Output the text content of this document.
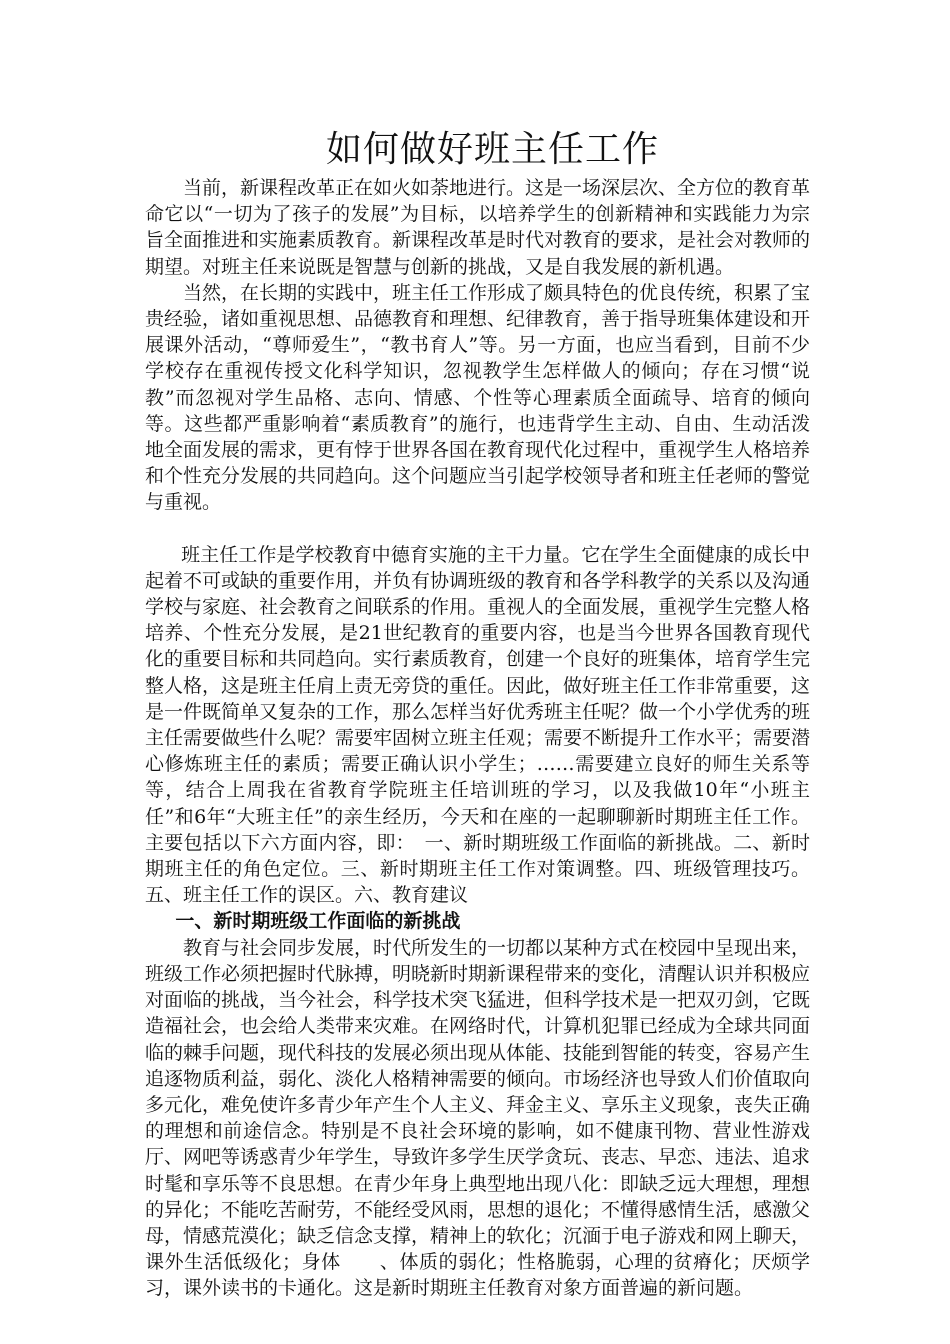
如何做好班主任工作

当前，新课程改革正在如火如荼地进行。这是一场深层次、全方位的教育革命它以“一切为了孩子的发展”为目标，以培养学生的创新精神和实践能力为宗旨全面推进和实施素质教育。新课程改革是时代对教育的要求，是社会对教师的期望。对班主任来说既是智慧与创新的挑战，又是自我发展的新机遇。

当然，在长期的实践中，班主任工作形成了颇具特色的优良传统，积累了宝贵经验，诸如重视思想、品德教育和理想、纪律教育，善于指导班集体建设和开展课外活动，“尊师爱生”，“教书育人”等。另一方面，也应当看到，目前不少学校存在重视传授文化科学知识，忽视教学生怎样做人的倾向；存在习惯“说教”而忽视对学生品格、志向、情感、个性等心理素质全面疏导、培育的倾向等。这些都严重影响着“素质教育”的施行，也违背学生主动、自由、生动活泼地全面发展的需求，更有悖于世界各国在教育现代化过程中，重视学生人格培养和个性充分发展的共同趋向。这个问题应当引起学校领导者和班主任老师的警觉与重视。

班主任工作是学校教育中德育实施的主干力量。它在学生全面健康的成长中起着不可或缺的重要作用，并负有协调班级的教育和各学科教学的关系以及沟通学校与家庭、社会教育之间联系的作用。重视人的全面发展，重视学生完整人格培养、个性充分发展，是21世纪教育的重要内容，也是当今世界各国教育现代化的重要目标和共同趋向。实行素质教育，创建一个良好的班集体，培育学生完整人格，这是班主任肩上责无旁贷的重任。因此，做好班主任工作非常重要，这是一件既简单又复杂的工作，那么怎样当好优秀班主任呢？做一个小学优秀的班主任需要做些什么呢？需要牢固树立班主任观；需要不断提升工作水平；需要潜心修炼班主任的素质；需要正确认识小学生；……需要建立良好的师生关系等等，结合上周我在省教育学院班主任培训班的学习，以及我做10年“小班主任”和6年“大班主任”的亲生经历，今天和在座的一起聊聊新时期班主任工作。主要包括以下六方面内容，即：　一、新时期班级工作面临的新挑战。二、新时期班主任的角色定位。三、新时期班主任工作对策调整。四、班级管理技巧。五、班主任工作的误区。六、教育建议

一、新时期班级工作面临的新挑战

教育与社会同步发展，时代所发生的一切都以某种方式在校园中呈现出来，班级工作必须把握时代脉搏，明晓新时期新课程带来的变化，清醒认识并积极应对面临的挑战，当今社会，科学技术突飞猛进，但科学技术是一把双刃剑，它既造福社会，也会给人类带来灾难。在网络时代，计算机犯罪已经成为全球共同面临的棘手问题，现代科技的发展必须出现从体能、技能到智能的转变，容易产生追逐物质利益，弱化、淡化人格精神需要的倾向。市场经济也导致人们价值取向多元化，难免使许多青少年产生个人主义、拜金主义、享乐主义现象，丧失正确的理想和前途信念。特别是不良社会环境的影响，如不健康刊物、营业性游戏厅、网吧等诱惑青少年学生，导致许多学生厌学贪玩、丧志、早恋、违法、追求时髦和享乐等不良思想。在青少年身上典型地出现八化：即缺乏远大理想，理想的异化；不能吃苦耐劳，不能经受风雨，思想的退化；不懂得感情生活，感激父母，情感荒漠化；缺乏信念支撑，精神上的软化；沉湎于电子游戏和网上聊天，课外生活低级化；身体　　、体质的弱化；性格脆弱，心理的贫瘠化；厌烦学习，课外读书的卡通化。这是新时期班主任教育对象方面普遍的新问题。
